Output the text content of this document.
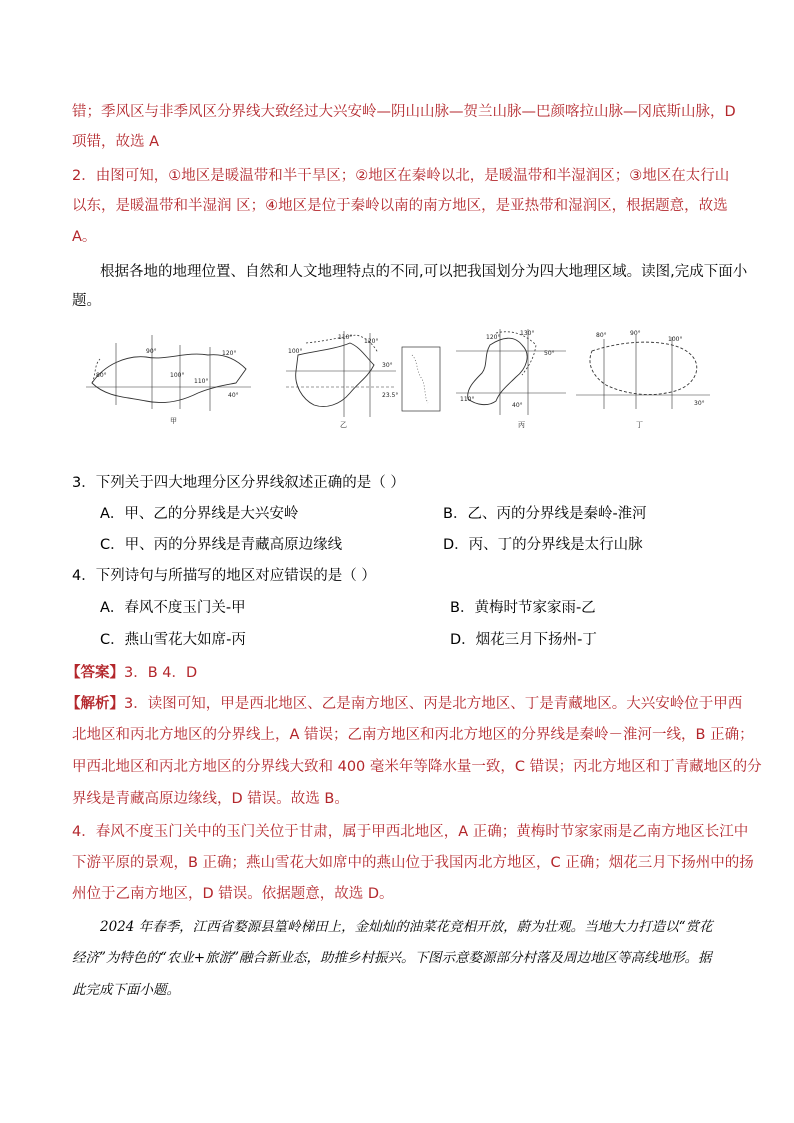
错；季风区与非季风区分界线大致经过大兴安岭—阴山山脉—贺兰山脉—巴颜喀拉山脉—冈底斯山脉，D
项错，故选 A
2．由图可知，①地区是暖温带和半干旱区；②地区在秦岭以北，是暖温带和半湿润区；③地区在太行山
以东，是暖温带和半湿润 区；④地区是位于秦岭以南的南方地区，是亚热带和湿润区，根据题意，故选
A。
根据各地的地理位置、自然和人文地理特点的不同,可以把我国划分为四大地理区域。读图,完成下面小
题。
80°
90°
100°
110°
120°
40°
甲
110°
120°
100°
30°
23.5°
乙
120°
130°
50°
110°
40°
丙
80°	90°
100°
30°
丁
3．下列关于四大地理分区分界线叙述正确的是（ ）
A．甲、乙的分界线是大兴安岭	B．乙、丙的分界线是秦岭-淮河
C．甲、丙的分界线是青藏高原边缘线	D．丙、丁的分界线是太行山脉
4．下列诗句与所描写的地区对应错误的是（ ）
A．春风不度玉门关-甲	B．黄梅时节家家雨-乙
C．燕山雪花大如席-丙	D．烟花三月下扬州-丁
【答案】3．B 4．D
【解析】3．读图可知，甲是西北地区、乙是南方地区、丙是北方地区、丁是青藏地区。大兴安岭位于甲西
北地区和丙北方地区的分界线上，A 错误；乙南方地区和丙北方地区的分界线是秦岭－淮河一线，B 正确；
甲西北地区和丙北方地区的分界线大致和 400 毫米年等降水量一致，C 错误；丙北方地区和丁青藏地区的分
界线是青藏高原边缘线，D 错误。故选 B。
4．春风不度玉门关中的玉门关位于甘肃，属于甲西北地区，A 正确；黄梅时节家家雨是乙南方地区长江中
下游平原的景观，B 正确；燕山雪花大如席中的燕山位于我国丙北方地区，C 正确；烟花三月下扬州中的扬
州位于乙南方地区，D 错误。依据题意，故选 D。
2024 年春季，江西省婺源县篁岭梯田上，金灿灿的油菜花竞相开放，蔚为壮观。当地大力打造以“赏花
经济”为特色的“农业+旅游”融合新业态，助推乡村振兴。下图示意婺源部分村落及周边地区等高线地形。据
此完成下面小题。
